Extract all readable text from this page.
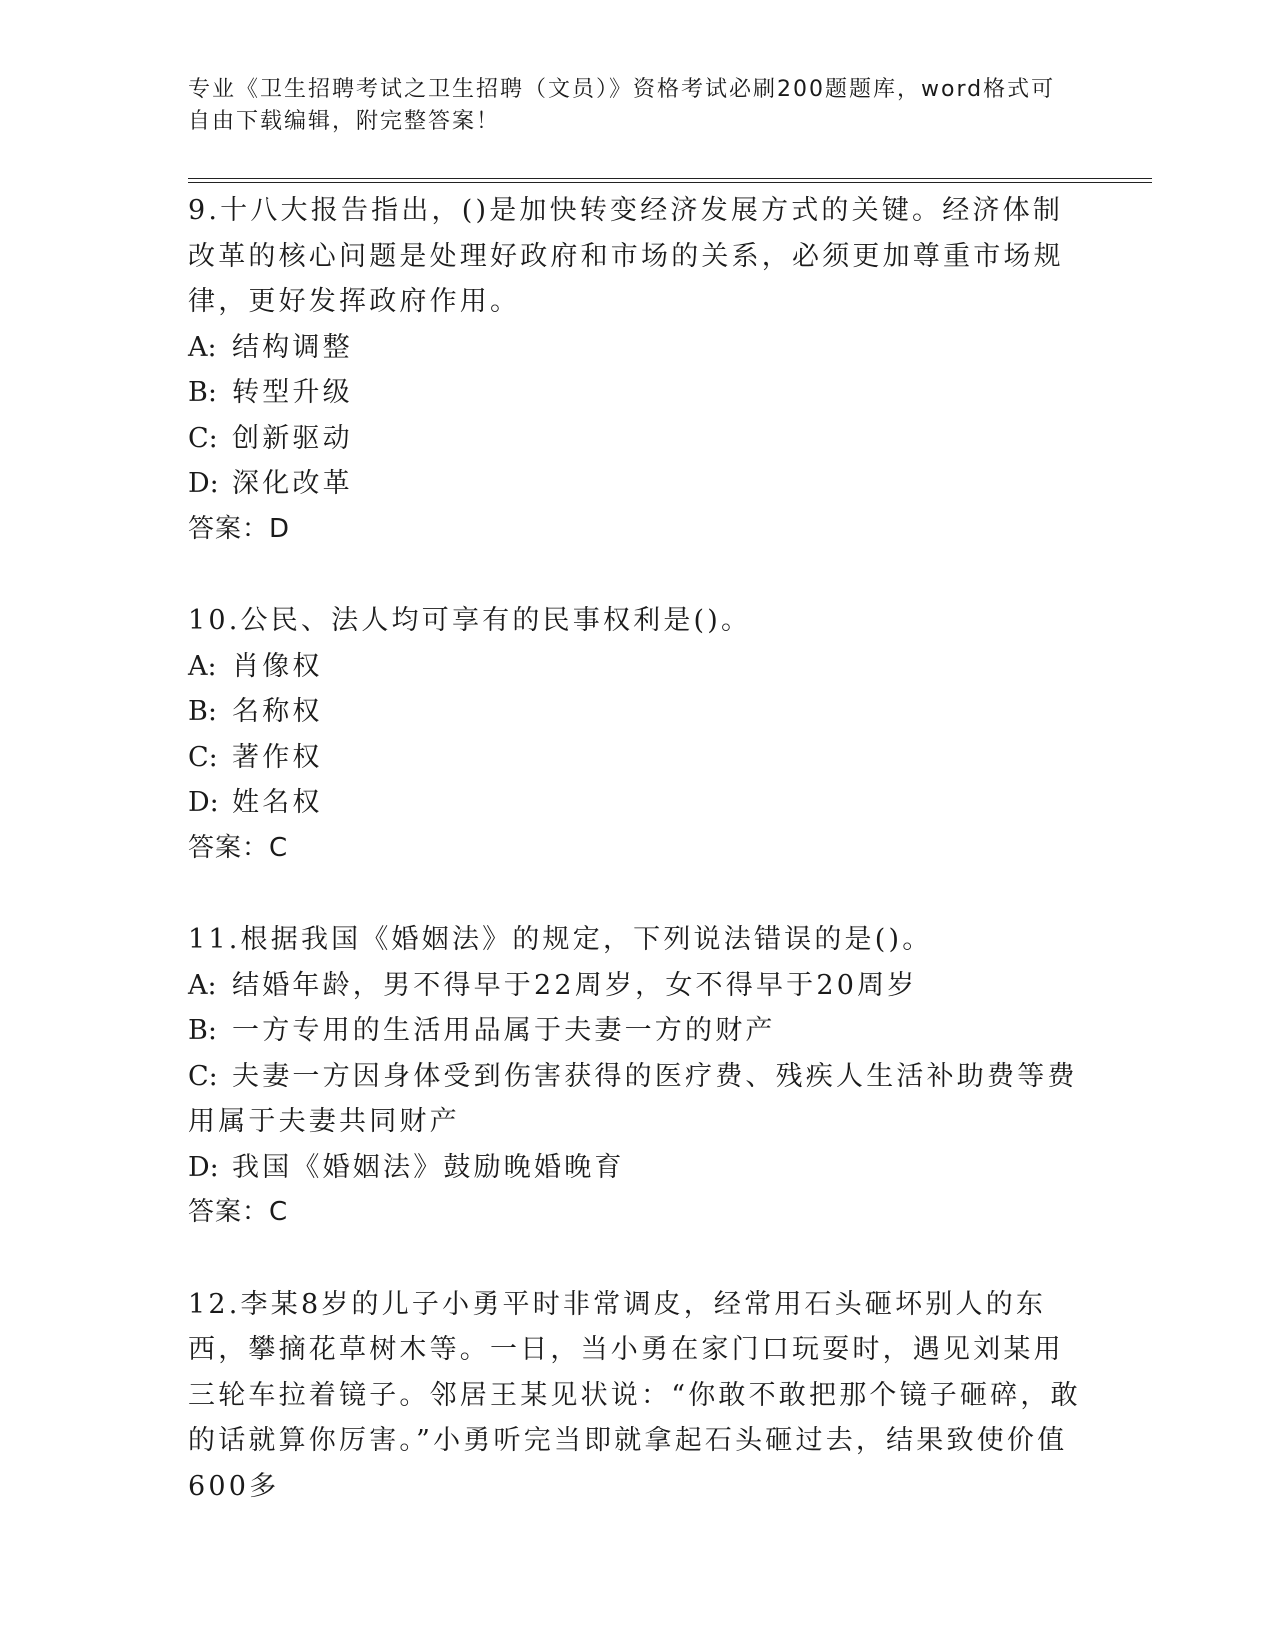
专业《卫生招聘考试之卫生招聘（文员）》资格考试必刷200题题库，word格式可自由下载编辑，附完整答案！
9.十八大报告指出，()是加快转变经济发展方式的关键。经济体制改革的核心问题是处理好政府和市场的关系，必须更加尊重市场规律，更好发挥政府作用。
A: 结构调整
B: 转型升级
C: 创新驱动
D: 深化改革
答案：D
10.公民、法人均可享有的民事权利是()。
A: 肖像权
B: 名称权
C: 著作权
D: 姓名权
答案：C
11.根据我国《婚姻法》的规定，下列说法错误的是()。
A: 结婚年龄，男不得早于22周岁，女不得早于20周岁
B: 一方专用的生活用品属于夫妻一方的财产
C: 夫妻一方因身体受到伤害获得的医疗费、残疾人生活补助费等费用属于夫妻共同财产
D: 我国《婚姻法》鼓励晚婚晚育
答案：C
12.李某8岁的儿子小勇平时非常调皮，经常用石头砸坏别人的东西，攀摘花草树木等。一日，当小勇在家门口玩耍时，遇见刘某用三轮车拉着镜子。邻居王某见状说：“你敢不敢把那个镜子砸碎，敢的话就算你厉害。”小勇听完当即就拿起石头砸过去，结果致使价值600多
